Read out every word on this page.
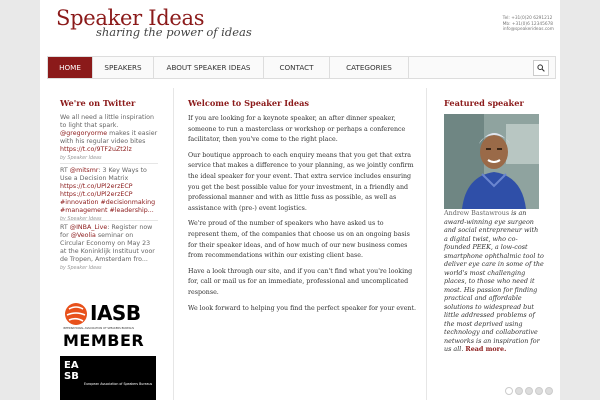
Speaker Ideas
sharing the power of ideas
Tel: +31(0)20 6291212
Mb: +31(0)6 12345678
info@speakerideas.com
HOME	SPEAKERS	ABOUT SPEAKER IDEAS	CONTACT	CATEGORIES
We're on Twitter
We all need a little inspiration to light that spark. @gregoryorme makes it easier with his regular video bites https://t.co/9TF2uZt2lz
by Speaker Ideas
RT @mitsmr: 3 Key Ways to Use a Decision Matrix https://t.co/UPl2erzECP https://t.co/UPl2erzECP #innovation #decisionmaking #management #leadership...
RT @INBA_Live: Register now for @Veolia seminar on Circular Economy on May 23 at the Koninklijk Instituut voor de Tropen, Amsterdam fro...
by Speaker Ideas
IASB
INTERNATIONAL ASSOCIATION OF SPEAKERS BUREAUS
MEMBER
EA SB
European Association of Speakers Bureaus
Welcome to Speaker Ideas

If you are looking for a keynote speaker, an after dinner speaker, someone to run a masterclass or workshop or perhaps a conference facilitator, then you've come to the right place.

Our boutique approach to each enquiry means that you get that extra service that makes a difference to your planning, as we jointly confirm the ideal speaker for your event. That extra service includes ensuring you get the best possible value for your investment, in a friendly and professional manner and with as little fuss as possible, as well as assistance with (pre-) event logistics.

We're proud of the number of speakers who have asked us to represent them, of the companies that choose us on an ongoing basis for their speaker ideas, and of how much of our new business comes from recommendations within our existing client base.

Have a look through our site, and if you can't find what you're looking for, call or mail us for an immediate, professional and uncomplicated response.

We look forward to helping you find the perfect speaker for your event.

Featured speaker
Andrew Bastawrous is an award-winning eye surgeon and social entrepreneur with a digital twist, who co-founded PEEK, a low-cost smartphone ophthalmic tool to deliver eye care in some of the world's most challenging places, to those who need it most. His passion for finding practical and affordable solutions to widespread but little addressed problems of the most deprived using technology and collaborative networks is an inspiration for us all. Read more.
